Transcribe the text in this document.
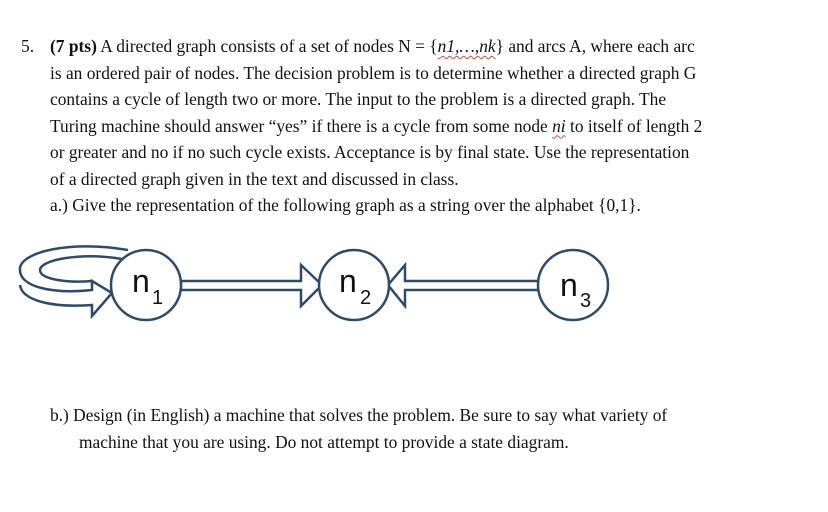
5. (7 pts) A directed graph consists of a set of nodes N = {n1,…,nk} and arcs A, where each arc
is an ordered pair of nodes. The decision problem is to determine whether a directed graph G
contains a cycle of length two or more. The input to the problem is a directed graph. The
Turing machine should answer “yes” if there is a cycle from some node ni to itself of length 2
or greater and no if no such cycle exists. Acceptance is by final state. Use the representation
of a directed graph given in the text and discussed in class.
a.) Give the representation of the following graph as a string over the alphabet {0,1}.
n 1	n 2	n 3
b.) Design (in English) a machine that solves the problem. Be sure to say what variety of
machine that you are using. Do not attempt to provide a state diagram.
